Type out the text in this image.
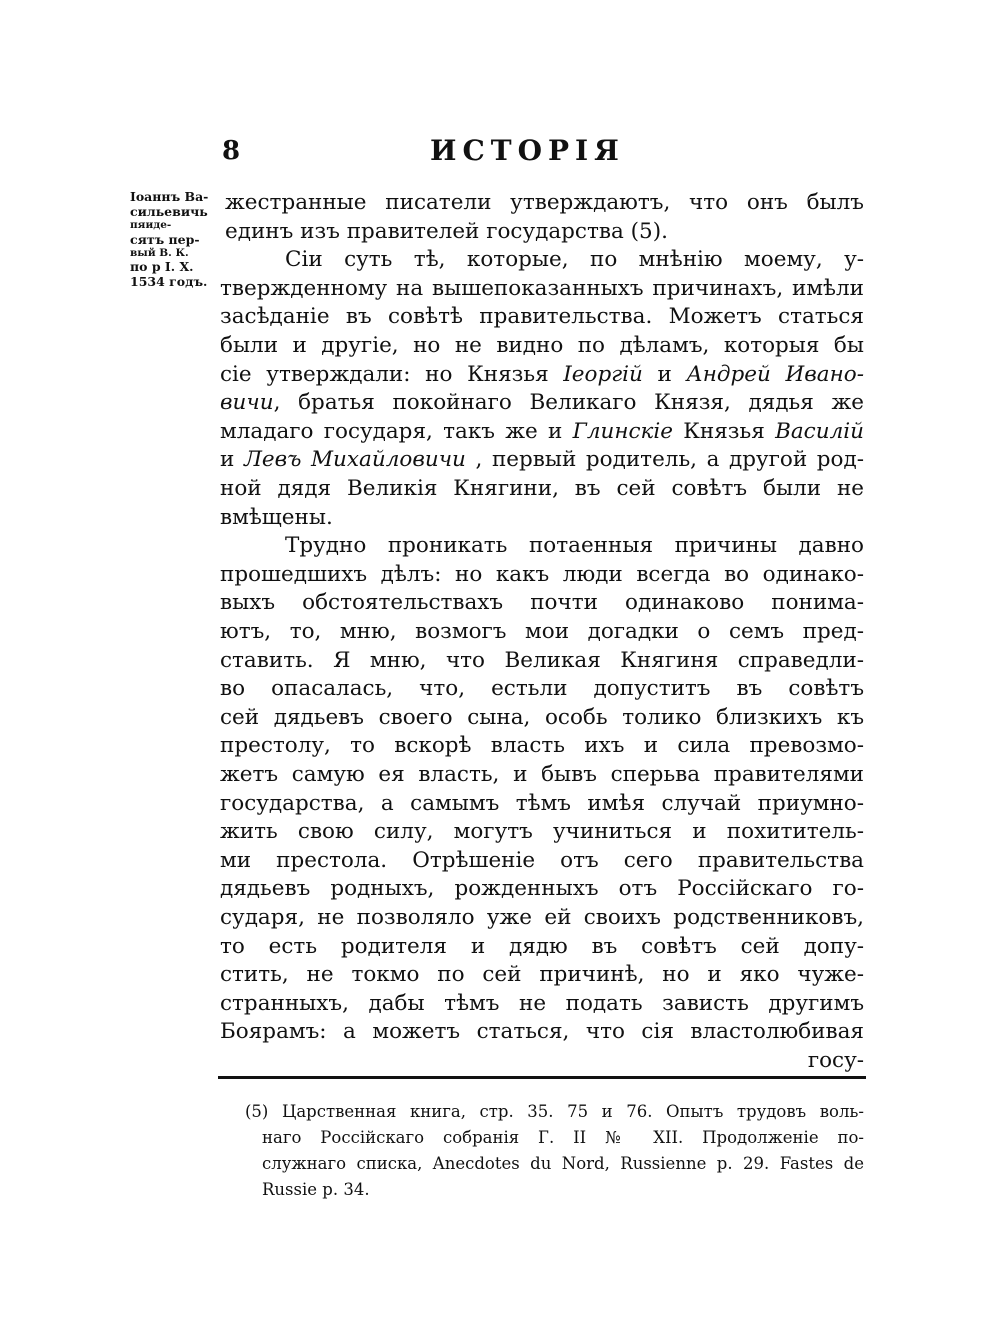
8	ИСТОРІЯ
Іоаннъ Ва-
сильевичь
пяиде-
сятъ пер-
вый В. К.
по р І. Х.
1534 годъ.
жестранные писатели утверждаютъ, что онъ былъ
единъ изъ правителей государства (5).
Сіи суть тѣ, которые, по мнѣнію моему, у-
твержденному на вышепоказанныхъ причинахъ, имѣли
засѣданіе въ совѣтѣ правительства. Можетъ статься
были и другіе, но не видно по дѣламъ, которыя бы
сіе утверждали: но Князья Іеоргій и Андрей Ивано-
вичи, братья покойнаго Великаго Князя, дядья же
младаго государя, такъ же и Глинскіе Князья Василій
и Левъ Михайловичи , первый родитель, а другой род-
ной дядя Великія Княгини, въ сей совѣтъ были не
вмѣщены.
Трудно проникать потаенныя причины давно
прошедшихъ дѣлъ: но какъ люди всегда во одинако-
выхъ обстоятельствахъ почти одинаково понима-
ютъ, то, мню, возмогъ мои догадки о семъ пред-
ставить. Я мню, что Великая Княгиня справедли-
во опасалась, что, естьли допуститъ въ совѣтъ
сей дядьевъ своего сына, особь толико близкихъ къ
престолу, то вскорѣ власть ихъ и сила превозмо-
жетъ самую ея власть, и бывъ сперьва правителями
государства, а самымъ тѣмъ имѣя случай приумно-
жить свою силу, могутъ учиниться и похититель-
ми престола. Отрѣшеніе отъ сего правительства
дядьевъ родныхъ, рожденныхъ отъ Россійскаго го-
сударя, не позволяло уже ей своихъ родственниковъ,
то есть родителя и дядю въ совѣтъ сей допу-
стить, не токмо по сей причинѣ, но и яко чуже-
странныхъ, дабы тѣмъ не подать зависть другимъ
Боярамъ: а можетъ статься, что сія властолюбивая
госу-
(5) Царственная книга, стр. 35. 75 и 76. Опытъ трудовъ воль-
наго Россійскаго собранія Г. II № XII. Продолженіе по-
служнаго списка, Anecdotes du Nord, Russienne p. 29. Fastes de
Russie p. 34.
